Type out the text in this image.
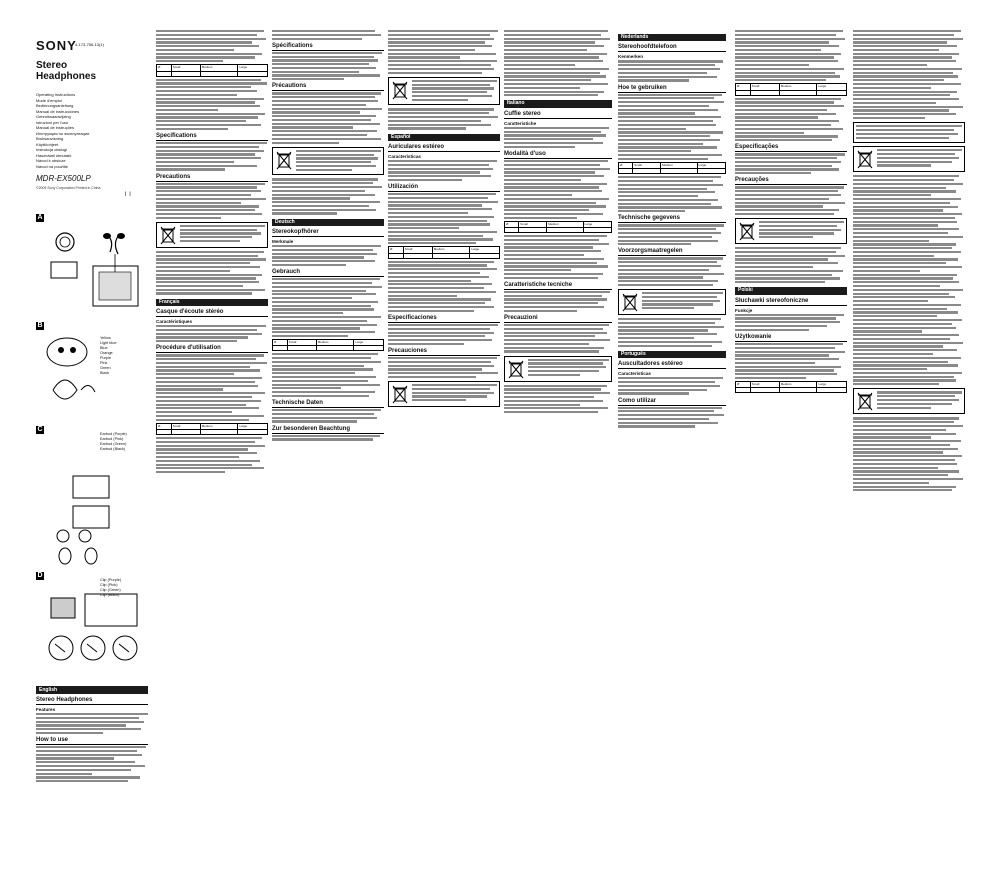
SONY
4-173-756-13(1)
Stereo
Headphones
Operating Instructions
Mode d'emploi
Bedienungsanleitung
Manual de instrucciones
Gebruiksaanwijzing
Istruzioni per l'uso
Manual de instruções
Инструкция по эксплуатации
Bruksanvisning
Käyttöohjeet
Instrukcja obsługi
Használati útmutató
Návod k obsluze
Návod na použitie
MDR-EX500LP
©2009 Sony Corporation Printed in China
ll
A
B
Yellow
Light blue
Blue
Orange
Purple
Pink
Green
Black
C
Earbud (Purple)
Earbud (Pink)
Earbud (Green)
Earbud (Black)
D
Clip (Purple)
Clip (Pink)
Clip (Green)
Clip (Black)
English
Stereo Headphones
Features
How to use
Ø	Small	Medium	Large

Specifications
Precautions
Français
Casque d'écoute stéréo
Caractéristiques
Procédure d'utilisation
Ø	Small	Medium	Large

Spécifications
Précautions
Deutsch
Stereokopfhörer
Merkmale
Gebrauch
Ø	Small	Medium	Large

Technische Daten
Zur besonderen Beachtung
Español
Auriculares estéreo
Características
Utilización
Ø	Small	Medium	Large

Especificaciones
Precauciones
Italiano
Cuffie stereo
Caratteristiche
Modalità d'uso
Ø	Small	Medium	Large

Caratteristiche tecniche
Precauzioni
Nederlands
Stereohoofdtelefoon
Kenmerken
Hoe te gebruiken
Ø	Small	Medium	Large

Technische gegevens
Voorzorgsmaatregelen
Português
Auscultadores estéreo
Características
Como utilizar
Ø	Small	Medium	Large

Especificações
Precauções
Polski
Słuchawki stereofoniczne
Funkcje
Użytkowanie
Ø	Small	Medium	Large
